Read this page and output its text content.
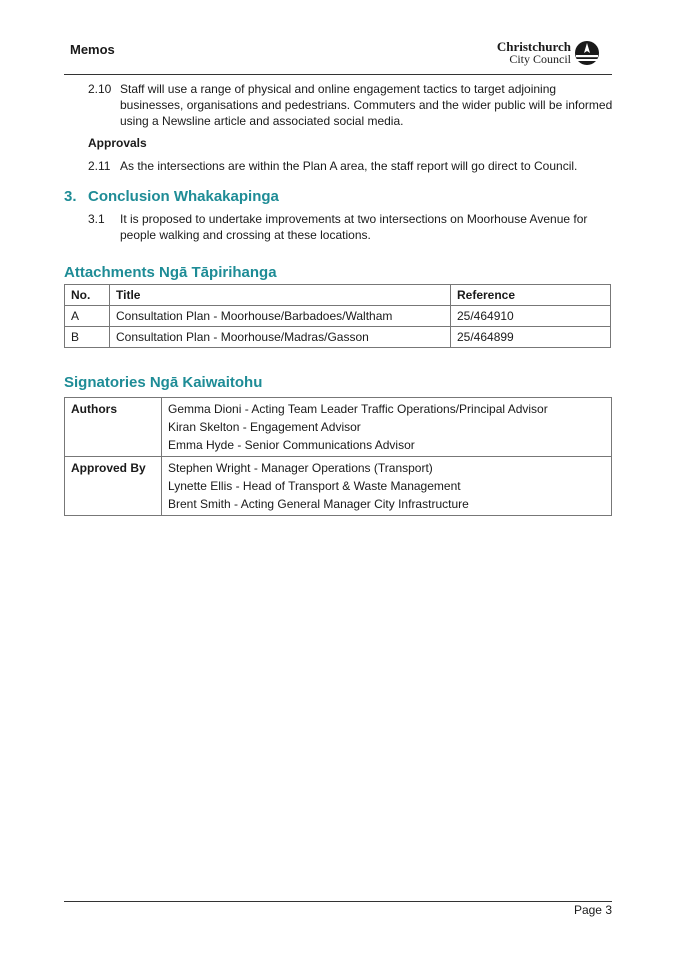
Memos	Christchurch
City Council
2.10 Staff will use a range of physical and online engagement tactics to target adjoining businesses, organisations and pedestrians. Commuters and the wider public will be informed using a Newsline article and associated social media.
Approvals
2.11 As the intersections are within the Plan A area, the staff report will go direct to Council.
3. Conclusion Whakakapinga
3.1 It is proposed to undertake improvements at two intersections on Moorhouse Avenue for people walking and crossing at these locations.
Attachments Ngā Tāpirihanga
No.	Title	Reference
A	Consultation Plan - Moorhouse/Barbadoes/Waltham	25/464910
B	Consultation Plan - Moorhouse/Madras/Gasson	25/464899
Signatories Ngā Kaiwaitohu
Authors	Gemma Dioni - Acting Team Leader Traffic Operations/Principal Advisor
Kiran Skelton - Engagement Advisor
Emma Hyde - Senior Communications Advisor

Approved By	Stephen Wright - Manager Operations (Transport)
Lynette Ellis - Head of Transport & Waste Management
Brent Smith - Acting General Manager City Infrastructure
Page 3
